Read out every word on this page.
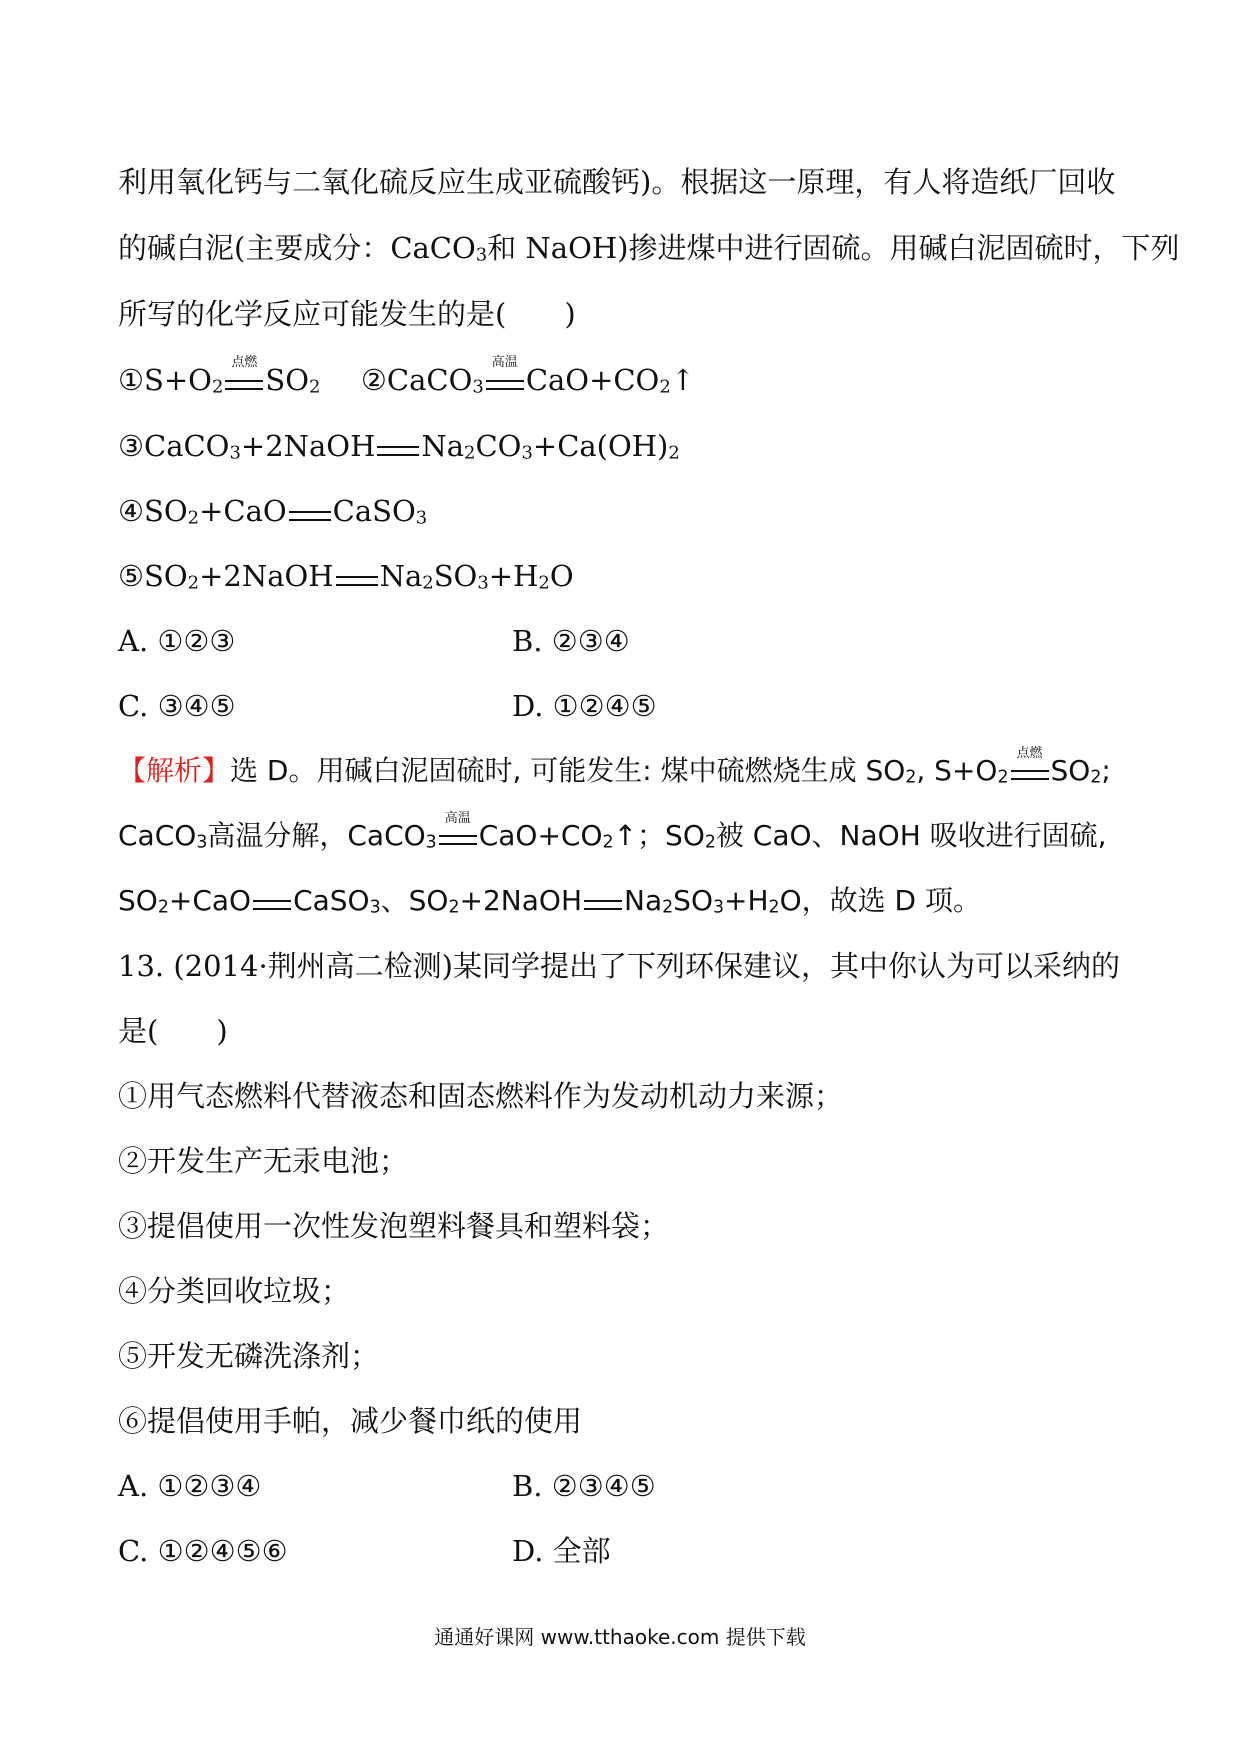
利用氧化钙与二氧化硫反应生成亚硫酸钙)。根据这一原理，有人将造纸厂回收
的碱白泥(主要成分：CaCO$_3$和 NaOH)掺进煤中进行固硫。用碱白泥固硫时，下列
所写的化学反应可能发生的是(　　)
$①S+O_2$
点燃
$SO_2$ ②CaCO$_3$
高温
$CaO+CO_2↑$
③CaCO$_3$+2NaOH $Na_2CO_3+Ca(OH)_2$
$④SO_2+CaO$ CaSO$_3$
$⑤SO_2+2NaOH$ $Na_2SO_3+H_2O$
A. ①②③	B. ②③④
C. ③④⑤	D. ①②④⑤
【解析】选 D。用碱白泥固硫时, 可能发生: 煤中硫燃烧生成 $SO_2$, $S+O_2$
点燃
$SO_2$;
CaCO$_3$高温分解，CaCO$_3$
高温
$CaO+CO_2↑$；$SO_2$被 CaO、NaOH 吸收进行固硫,
$SO_2+CaO$ CaSO$_3$、$SO_2+2NaOH$ $Na_2SO_3+H_2O$，故选 D 项。
13. (2014·荆州高二检测)某同学提出了下列环保建议，其中你认为可以采纳的
是(　　)
①用气态燃料代替液态和固态燃料作为发动机动力来源；
②开发生产无汞电池；
③提倡使用一次性发泡塑料餐具和塑料袋；
④分类回收垃圾；
⑤开发无磷洗涤剂；
⑥提倡使用手帕，减少餐巾纸的使用
A. ①②③④	B. ②③④⑤
C. ①②④⑤⑥	D. 全部
通通好课网 www.tthaoke.com 提供下载
